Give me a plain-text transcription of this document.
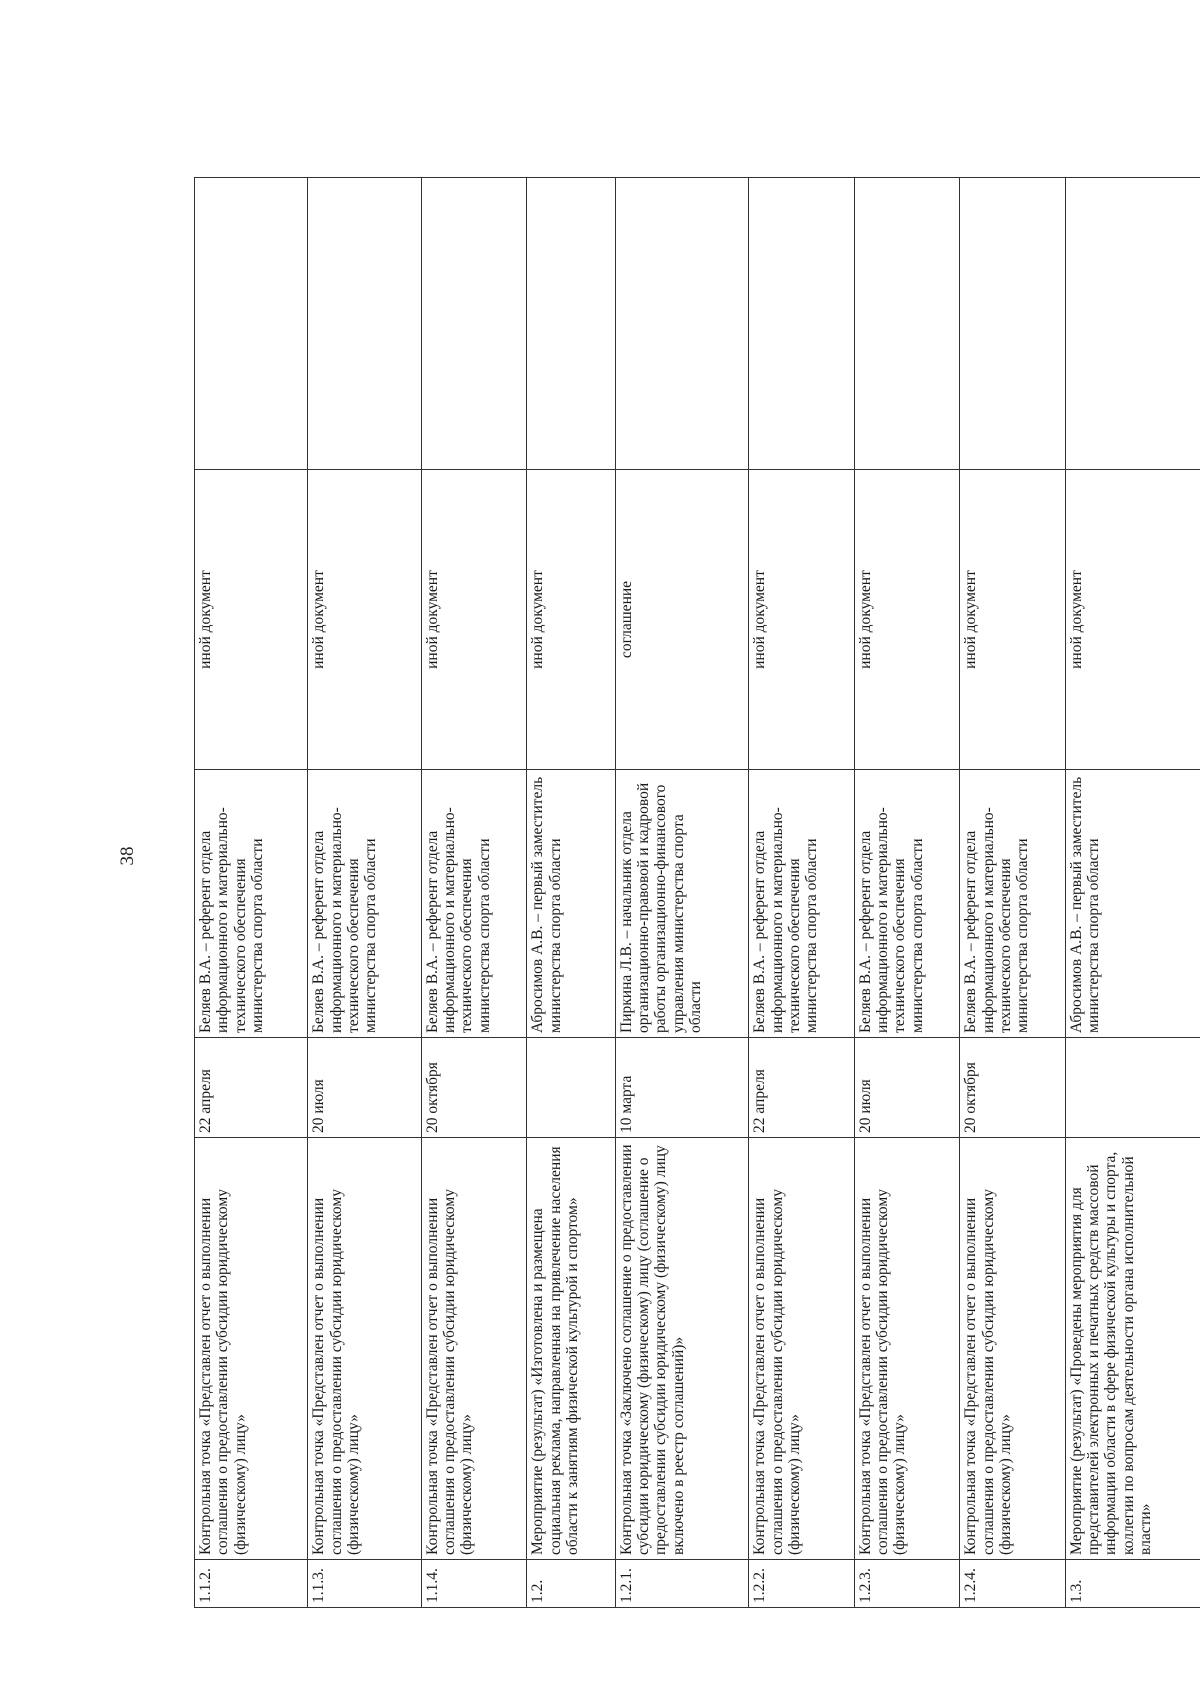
38
1.1.2.	Контрольная точка «Представлен отчет о выполнении соглашения о предоставлении субсидии юридическому (физическому) лицу»	22 апреля	Беляев В.А. – референт отдела информационного и материально-технического обеспечения министерства спорта области	иной документ	

1.1.3.	Контрольная точка «Представлен отчет о выполнении соглашения о предоставлении субсидии юридическому (физическому) лицу»	20 июля	Беляев В.А. – референт отдела информационного и материально-технического обеспечения министерства спорта области	иной документ	

1.1.4.	Контрольная точка «Представлен отчет о выполнении соглашения о предоставлении субсидии юридическому (физическому) лицу»	20 октября	Беляев В.А. – референт отдела информационного и материально-технического обеспечения министерства спорта области	иной документ	

1.2.	Мероприятие (результат) «Изготовлена и размещена социальная реклама, направленная на привлечение населения области к занятиям физической культурой и спортом»		Абросимов А.В. – первый заместитель министерства спорта области	иной документ	

1.2.1.	Контрольная точка «Заключено соглашение о предоставлении субсидии юридическому (физическому) лицу (соглашение о предоставлении субсидии юридическому (физическому) лицу включено в реестр соглашений)»	10 марта	Пиркина Л.В. – начальник отдела организационно-правовой и кадровой работы организационно-финансового управления министерства спорта области	соглашение	

1.2.2.	Контрольная точка «Представлен отчет о выполнении соглашения о предоставлении субсидии юридическому (физическому) лицу»	22 апреля	Беляев В.А. – референт отдела информационного и материально-технического обеспечения министерства спорта области	иной документ	

1.2.3.	Контрольная точка «Представлен отчет о выполнении соглашения о предоставлении субсидии юридическому (физическому) лицу»	20 июля	Беляев В.А. – референт отдела информационного и материально-технического обеспечения министерства спорта области	иной документ	

1.2.4.	Контрольная точка «Представлен отчет о выполнении соглашения о предоставлении субсидии юридическому (физическому) лицу»	20 октября	Беляев В.А. – референт отдела информационного и материально-технического обеспечения министерства спорта области	иной документ	

1.3.	Мероприятие (результат) «Проведены мероприятия для представителей электронных и печатных средств массовой информации области в сфере физической культуры и спорта, коллегии по вопросам деятельности органа исполнительной власти»		Абросимов А.В. – первый заместитель министерства спорта области	иной документ	
